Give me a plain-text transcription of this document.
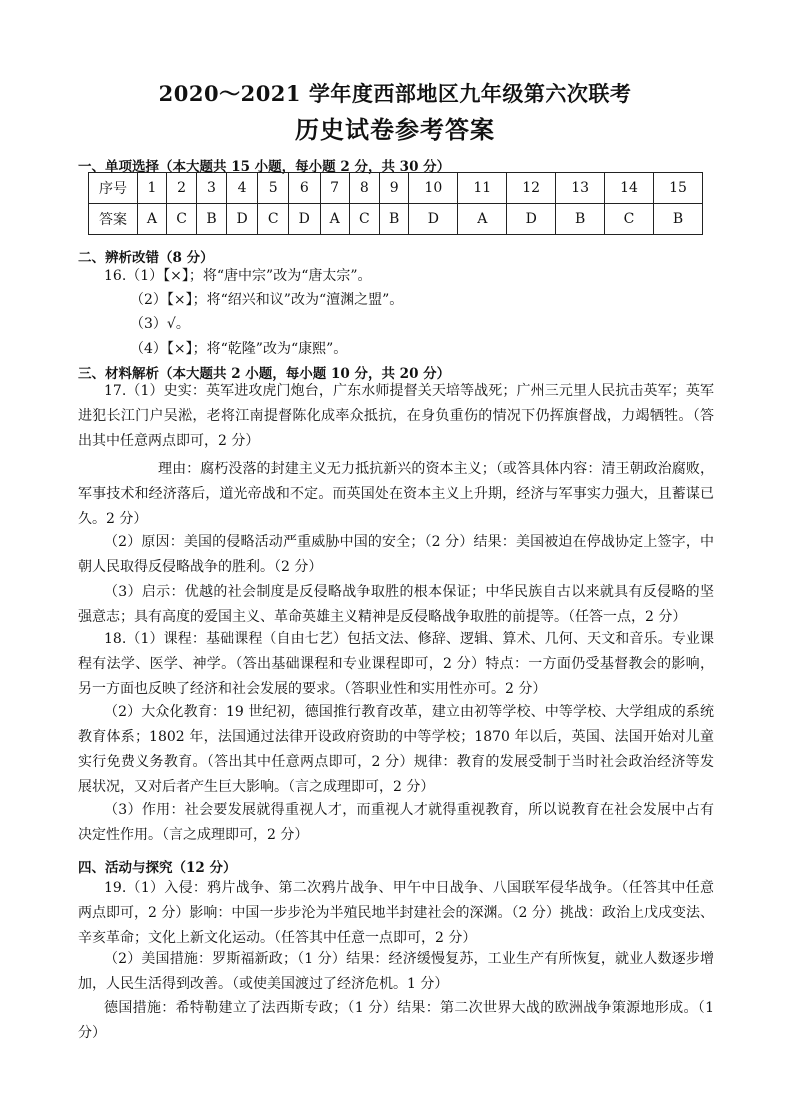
2020～2021 学年度西部地区九年级第六次联考
历史试卷参考答案
一、单项选择（本大题共 15 小题，每小题 2 分，共 30 分）
序号	1	2	3	4	5	6	7	8	9	10	11	12	13	14	15
答案	A	C	B	D	C	D	A	C	B	D	A	D	B	C	B
二、辨析改错（8 分）
16.（1）【×】；将“唐中宗”改为“唐太宗”。
（2）【×】；将“绍兴和议”改为“澶渊之盟”。
（3）√。
（4）【×】；将“乾隆”改为“康熙”。
三、材料解析（本大题共 2 小题，每小题 10 分，共 20 分）
17.（1）史实：英军进攻虎门炮台，广东水师提督关天培等战死；广州三元里人民抗击英军；英军进犯长江门户吴淞，老将江南提督陈化成率众抵抗，在身负重伤的情况下仍挥旗督战，力竭牺牲。（答出其中任意两点即可，2 分）
理由：腐朽没落的封建主义无力抵抗新兴的资本主义；（或答具体内容：清王朝政治腐败，军事技术和经济落后，道光帝战和不定。而英国处在资本主义上升期，经济与军事实力强大，且蓄谋已久。2 分）
（2）原因：美国的侵略活动严重威胁中国的安全；（2 分）结果：美国被迫在停战协定上签字，中朝人民取得反侵略战争的胜利。（2 分）
（3）启示：优越的社会制度是反侵略战争取胜的根本保证；中华民族自古以来就具有反侵略的坚强意志；具有高度的爱国主义、革命英雄主义精神是反侵略战争取胜的前提等。（任答一点，2 分）
18.（1）课程：基础课程（自由七艺）包括文法、修辞、逻辑、算术、几何、天文和音乐。专业课程有法学、医学、神学。（答出基础课程和专业课程即可，2 分）特点：一方面仍受基督教会的影响，另一方面也反映了经济和社会发展的要求。（答职业性和实用性亦可。2 分）
（2）大众化教育：19 世纪初，德国推行教育改革，建立由初等学校、中等学校、大学组成的系统教育体系；1802 年，法国通过法律开设政府资助的中等学校；1870 年以后，英国、法国开始对儿童实行免费义务教育。（答出其中任意两点即可，2 分）规律：教育的发展受制于当时社会政治经济等发展状况，又对后者产生巨大影响。（言之成理即可，2 分）
（3）作用：社会要发展就得重视人才，而重视人才就得重视教育，所以说教育在社会发展中占有决定性作用。（言之成理即可，2 分）
四、活动与探究（12 分）
19.（1）入侵：鸦片战争、第二次鸦片战争、甲午中日战争、八国联军侵华战争。（任答其中任意两点即可，2 分）影响：中国一步步沦为半殖民地半封建社会的深渊。（2 分）挑战：政治上戊戌变法、辛亥革命；文化上新文化运动。（任答其中任意一点即可，2 分）
（2）美国措施：罗斯福新政；（1 分）结果：经济缓慢复苏，工业生产有所恢复，就业人数逐步增加，人民生活得到改善。（或使美国渡过了经济危机。1 分）
德国措施：希特勒建立了法西斯专政；（1 分）结果：第二次世界大战的欧洲战争策源地形成。（1 分）
